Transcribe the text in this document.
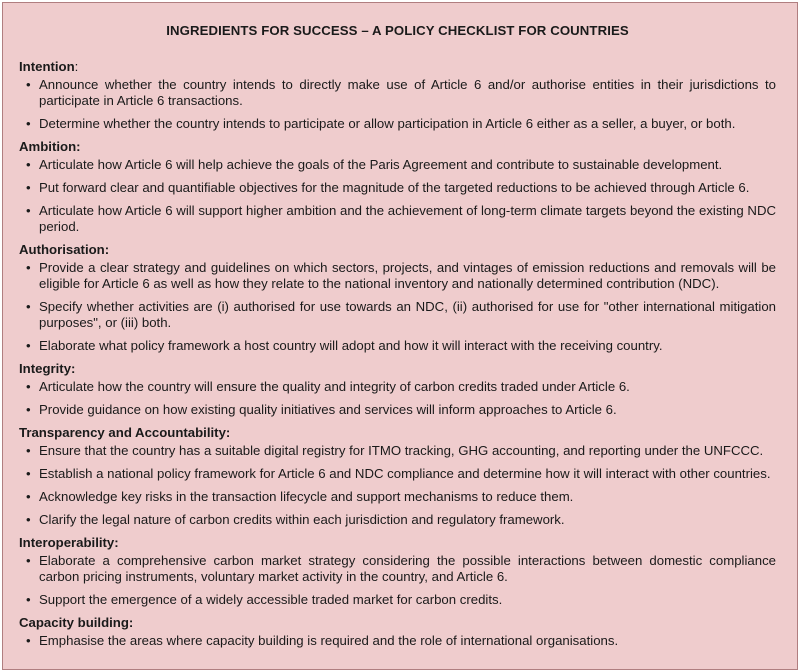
INGREDIENTS FOR SUCCESS – A POLICY CHECKLIST FOR COUNTRIES
Intention:
• Announce whether the country intends to directly make use of Article 6 and/or authorise entities in their jurisdictions to participate in Article 6 transactions.
• Determine whether the country intends to participate or allow participation in Article 6 either as a seller, a buyer, or both.
Ambition:
• Articulate how Article 6 will help achieve the goals of the Paris Agreement and contribute to sustainable development.
• Put forward clear and quantifiable objectives for the magnitude of the targeted reductions to be achieved through Article 6.
• Articulate how Article 6 will support higher ambition and the achievement of long-term climate targets beyond the existing NDC period.
Authorisation:
• Provide a clear strategy and guidelines on which sectors, projects, and vintages of emission reductions and removals will be eligible for Article 6 as well as how they relate to the national inventory and nationally determined contribution (NDC).
• Specify whether activities are (i) authorised for use towards an NDC, (ii) authorised for use for "other international mitigation purposes", or (iii) both.
• Elaborate what policy framework a host country will adopt and how it will interact with the receiving country.
Integrity:
• Articulate how the country will ensure the quality and integrity of carbon credits traded under Article 6.
• Provide guidance on how existing quality initiatives and services will inform approaches to Article 6.
Transparency and Accountability:
• Ensure that the country has a suitable digital registry for ITMO tracking, GHG accounting, and reporting under the UNFCCC.
• Establish a national policy framework for Article 6 and NDC compliance and determine how it will interact with other countries.
• Acknowledge key risks in the transaction lifecycle and support mechanisms to reduce them.
• Clarify the legal nature of carbon credits within each jurisdiction and regulatory framework.
Interoperability:
• Elaborate a comprehensive carbon market strategy considering the possible interactions between domestic compliance carbon pricing instruments, voluntary market activity in the country, and Article 6.
• Support the emergence of a widely accessible traded market for carbon credits.
Capacity building:
• Emphasise the areas where capacity building is required and the role of international organisations.
